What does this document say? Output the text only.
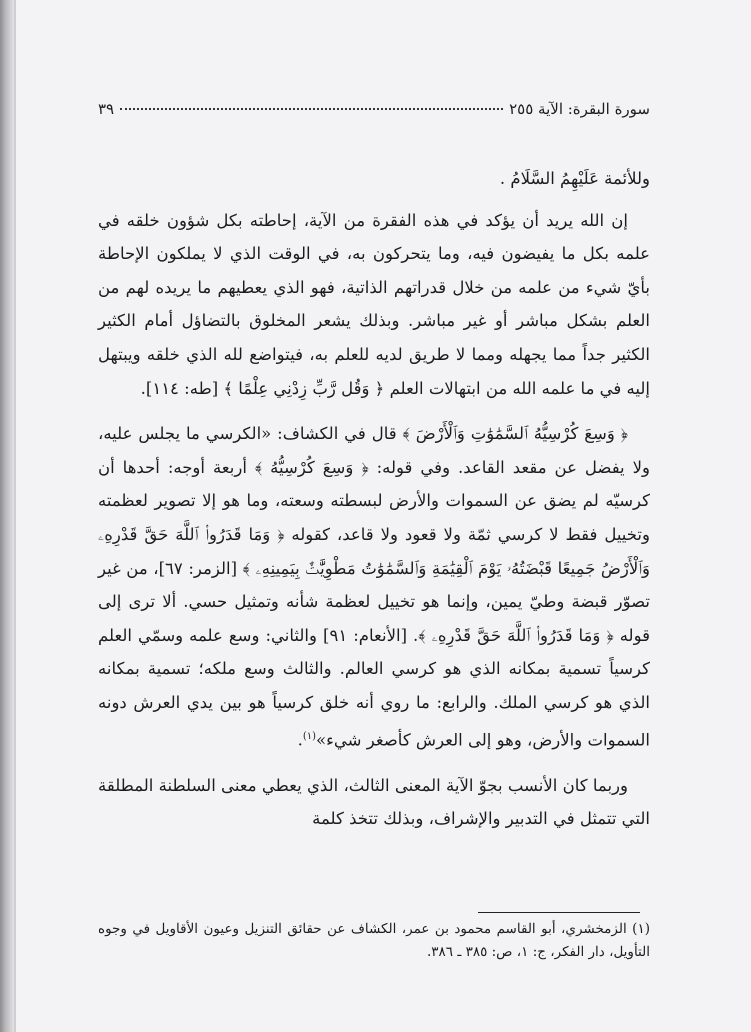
سورة البقرة: الآية ٢٥٥
٣٩

وللأئمة عَلَيْهِمُ السَّلَامُ .

إن الله يريد أن يؤكد في هذه الفقرة من الآية، إحاطته بكل شؤون خلقه في علمه بكل ما يفيضون فيه، وما يتحركون به، في الوقت الذي لا يملكون الإحاطة بأيّ شيء من علمه من خلال قدراتهم الذاتية، فهو الذي يعطيهم ما يريده لهم من العلم بشكل مباشر أو غير مباشر. وبذلك يشعر المخلوق بالتضاؤل أمام الكثير الكثير جداً مما يجهله ومما لا طريق لديه للعلم به، فيتواضع لله الذي خلقه ويبتهل إليه في ما علمه الله من ابتهالات العلم ﴿ وَقُل رَّبِّ زِدْنِي عِلْمًا ﴾ [طه: ١١٤].

﴿ وَسِعَ كُرْسِيُّهُ ٱلسَّمَٰوَٰتِ وَٱلْأَرْضَ ﴾ قال في الكشاف: «الكرسي ما يجلس عليه، ولا يفضل عن مقعد القاعد. وفي قوله: ﴿ وَسِعَ كُرْسِيُّهُ ﴾ أربعة أوجه: أحدها أن كرسيّه لم يضق عن السموات والأرض لبسطته وسعته، وما هو إلا تصوير لعظمته وتخييل فقط لا كرسي ثمّة ولا قعود ولا قاعد، كقوله ﴿ وَمَا قَدَرُوا۟ ٱللَّهَ حَقَّ قَدْرِهِۦ وَٱلْأَرْضُ جَمِيعًا قَبْضَتُهُۥ يَوْمَ ٱلْقِيَٰمَةِ وَٱلسَّمَٰوَٰتُ مَطْوِيَّٰتٌۢ بِيَمِينِهِۦ ﴾ [الزمر: ٦٧]، من غير تصوّر قبضة وطيّ يمين، وإنما هو تخييل لعظمة شأنه وتمثيل حسي. ألا ترى إلى قوله ﴿ وَمَا قَدَرُوا۟ ٱللَّهَ حَقَّ قَدْرِهِۦ ﴾. [الأنعام: ٩١] والثاني: وسع علمه وسمّي العلم كرسياً تسمية بمكانه الذي هو كرسي العالم. والثالث وسع ملكه؛ تسمية بمكانه الذي هو كرسي الملك. والرابع: ما روي أنه خلق كرسياً هو بين يدي العرش دونه السموات والأرض، وهو إلى العرش كأصغر شيء»$^{(١)}$.

وربما كان الأنسب بجوّ الآية المعنى الثالث، الذي يعطي معنى السلطنة المطلقة التي تتمثل في التدبير والإشراف، وبذلك تتخذ كلمة

(١) الزمخشري، أبو القاسم محمود بن عمر، الكشاف عن حقائق التنزيل وعيون الأقاويل في وجوه التأويل، دار الفكر، ج: ١، ص: ٣٨٥ ـ ٣٨٦.
